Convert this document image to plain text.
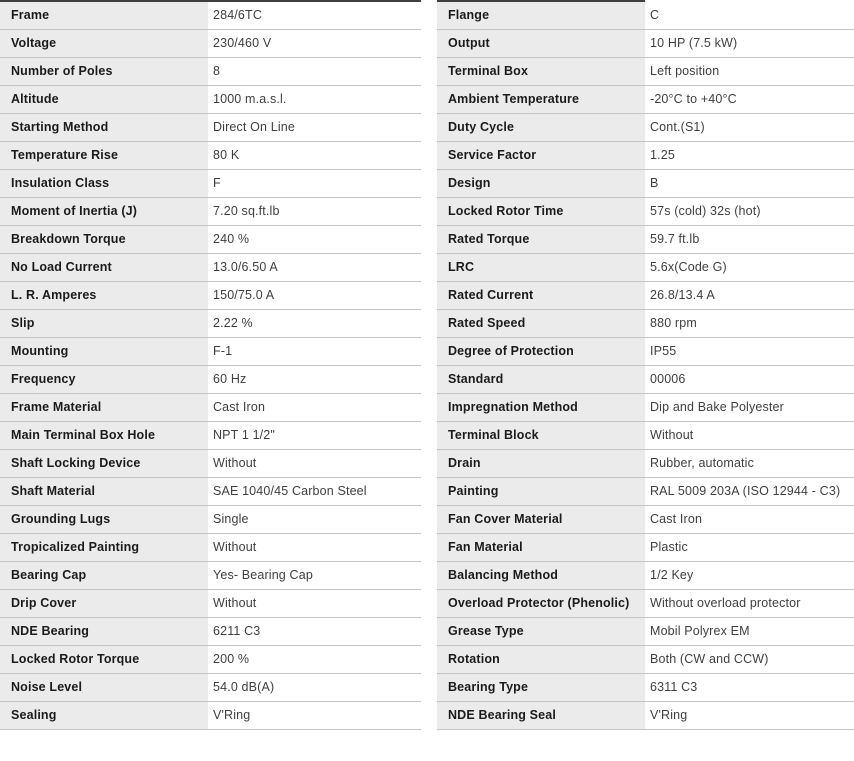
Frame	284/6TC
Voltage	230/460 V
Number of Poles	8
Altitude	1000 m.a.s.l.
Starting Method	Direct On Line
Temperature Rise	80 K
Insulation Class	F
Moment of Inertia (J)	7.20 sq.ft.lb
Breakdown Torque	240 %
No Load Current	13.0/6.50 A
L. R. Amperes	150/75.0 A
Slip	2.22 %
Mounting	F-1
Frequency	60 Hz
Frame Material	Cast Iron
Main Terminal Box Hole	NPT 1 1/2"
Shaft Locking Device	Without
Shaft Material	SAE 1040/45 Carbon Steel
Grounding Lugs	Single
Tropicalized Painting	Without
Bearing Cap	Yes- Bearing Cap
Drip Cover	Without
NDE Bearing	6211 C3
Locked Rotor Torque	200 %
Noise Level	54.0 dB(A)
Sealing	V'Ring
Flange	C
Output	10 HP (7.5 kW)
Terminal Box	Left position
Ambient Temperature	-20°C to +40°C
Duty Cycle	Cont.(S1)
Service Factor	1.25
Design	B
Locked Rotor Time	57s (cold) 32s (hot)
Rated Torque	59.7 ft.lb
LRC	5.6x(Code G)
Rated Current	26.8/13.4 A
Rated Speed	880 rpm
Degree of Protection	IP55
Standard	00006
Impregnation Method	Dip and Bake Polyester
Terminal Block	Without
Drain	Rubber, automatic
Painting	RAL 5009 203A (ISO 12944 - C3)
Fan Cover Material	Cast Iron
Fan Material	Plastic
Balancing Method	1/2 Key
Overload Protector (Phenolic)	Without overload protector
Grease Type	Mobil Polyrex EM
Rotation	Both (CW and CCW)
Bearing Type	6311 C3
NDE Bearing Seal	V'Ring
